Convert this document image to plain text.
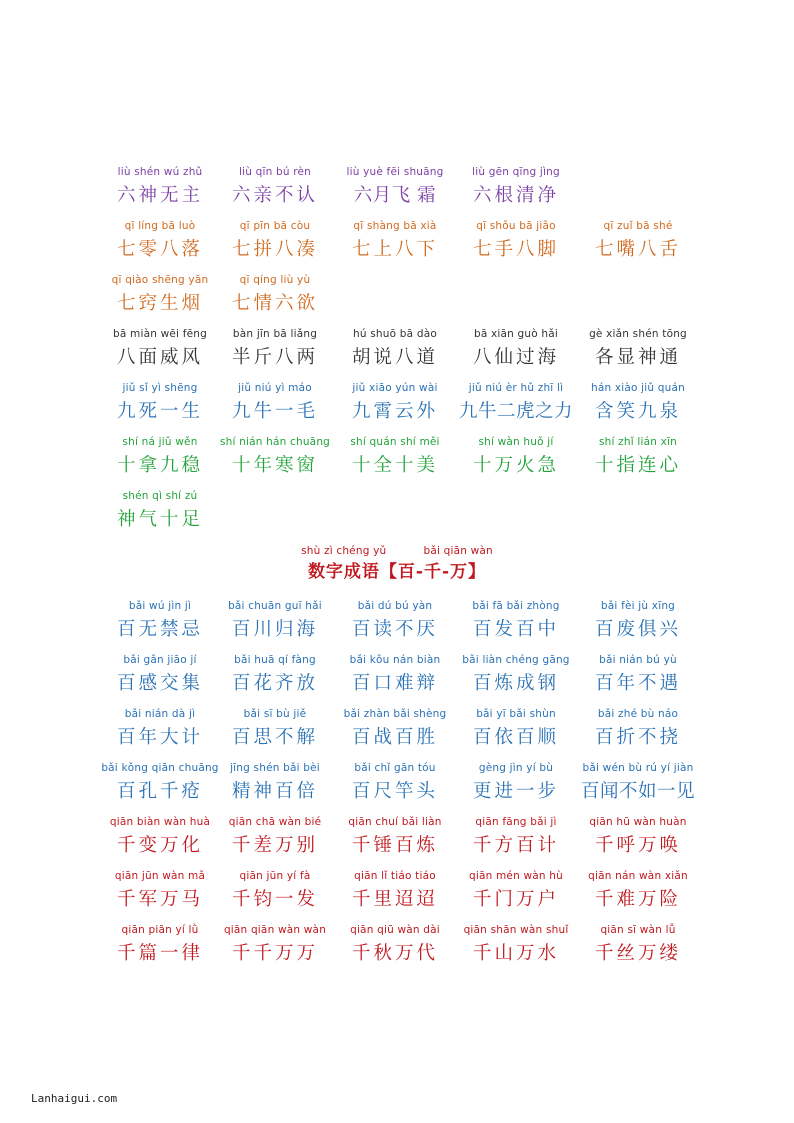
liù shén wú zhǔ
六神无主
liù qīn bú rèn
六亲不认
liù yuè fēi shuāng
六月飞 霜
liù gēn qīng jìng
六根清净
qī líng bā luò
七零八落
qī pīn bā còu
七拼八凑
qī shàng bā xià
七上八下
qī shǒu bā jiǎo
七手八脚
qī zuǐ bā shé
七嘴八舌
qī qiào shēng yān
七窍生烟
qī qíng liù yù
七情六欲
bā miàn wēi fēng
八面威风
bàn jīn bā liǎng
半斤八两
hú shuō bā dào
胡说八道
bā xiān guò hǎi
八仙过海
gè xiǎn shén tōng
各显神通
jiǔ sǐ yì shēng
九死一生
jiǔ niú yì máo
九牛一毛
jiǔ xiāo yún wài
九霄云外
jiǔ niú èr hǔ zhī lì
九牛二虎之力
hán xiào jiǔ quán
含笑九泉
shí ná jiǔ wěn
十拿九稳
shí nián hán chuāng
十年寒窗
shí quán shí měi
十全十美
shí wàn huǒ jí
十万火急
shí zhǐ lián xīn
十指连心
shén qì shí zú
神气十足
shù zì chéng yǔ	bǎi qiān wàn
数字成语【百-千-万】
bǎi wú jìn jì
百无禁忌
bǎi chuān guī hǎi
百川归海
bǎi dú bú yàn
百读不厌
bǎi fā bǎi zhòng
百发百中
bǎi fèi jù xīng
百废俱兴
bǎi gǎn jiāo jí
百感交集
bǎi huā qí fàng
百花齐放
bǎi kǒu nán biàn
百口难辩
bǎi liàn chéng gāng
百炼成钢
bǎi nián bú yù
百年不遇
bǎi nián dà jì
百年大计
bǎi sī bù jiě
百思不解
bǎi zhàn bǎi shèng
百战百胜
bǎi yī bǎi shùn
百依百顺
bǎi zhé bù náo
百折不挠
bǎi kǒng qiān chuāng
百孔千疮
jīng shén bǎi bèi
精神百倍
bǎi chǐ gān tóu
百尺竿头
gèng jìn yí bù
更进一步
bǎi wén bù rú yí jiàn
百闻不如一见
qiān biàn wàn huà
千变万化
qiān chā wàn bié
千差万别
qiān chuí bǎi liàn
千锤百炼
qiān fāng bǎi jì
千方百计
qiān hū wàn huàn
千呼万唤
qiān jūn wàn mǎ
千军万马
qiān jūn yí fà
千钧一发
qiān lǐ tiáo tiáo
千里迢迢
qiān mén wàn hù
千门万户
qiān nán wàn xiǎn
千难万险
qiān piān yí lǜ
千篇一律
qiān qiān wàn wàn
千千万万
qiān qiū wàn dài
千秋万代
qiān shān wàn shuǐ
千山万水
qiān sī wàn lǚ
千丝万缕
Lanhaigui.com
